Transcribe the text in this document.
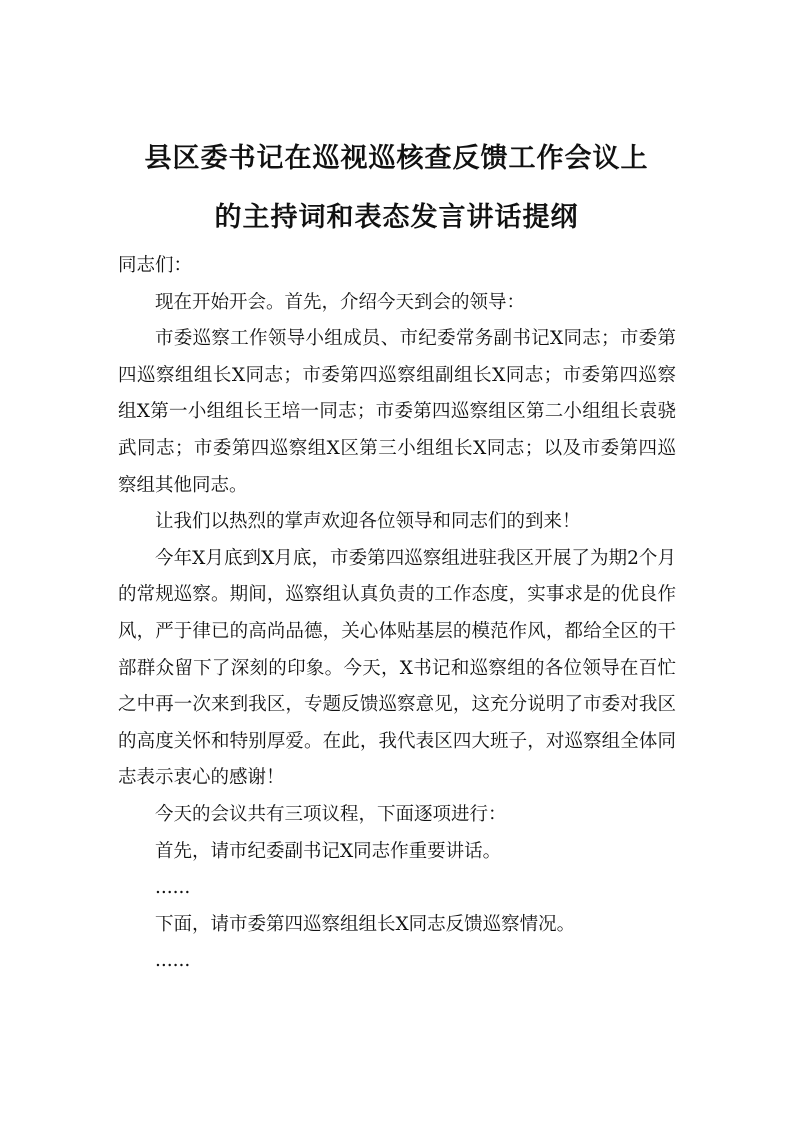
县区委书记在巡视巡核查反馈工作会议上
的主持词和表态发言讲话提纲

同志们：

现在开始开会。首先，介绍今天到会的领导：

市委巡察工作领导小组成员、市纪委常务副书记X同志；市委第四巡察组组长X同志；市委第四巡察组副组长X同志；市委第四巡察组X第一小组组长王培一同志；市委第四巡察组区第二小组组长袁骁武同志；市委第四巡察组X区第三小组组长X同志；以及市委第四巡察组其他同志。

让我们以热烈的掌声欢迎各位领导和同志们的到来！

今年X月底到X月底，市委第四巡察组进驻我区开展了为期2个月的常规巡察。期间，巡察组认真负责的工作态度，实事求是的优良作风，严于律已的高尚品德，关心体贴基层的模范作风，都给全区的干部群众留下了深刻的印象。今天，X书记和巡察组的各位领导在百忙之中再一次来到我区，专题反馈巡察意见，这充分说明了市委对我区的高度关怀和特别厚爱。在此，我代表区四大班子，对巡察组全体同志表示衷心的感谢！

今天的会议共有三项议程，下面逐项进行：

首先，请市纪委副书记X同志作重要讲话。

......

下面，请市委第四巡察组组长X同志反馈巡察情况。

......
